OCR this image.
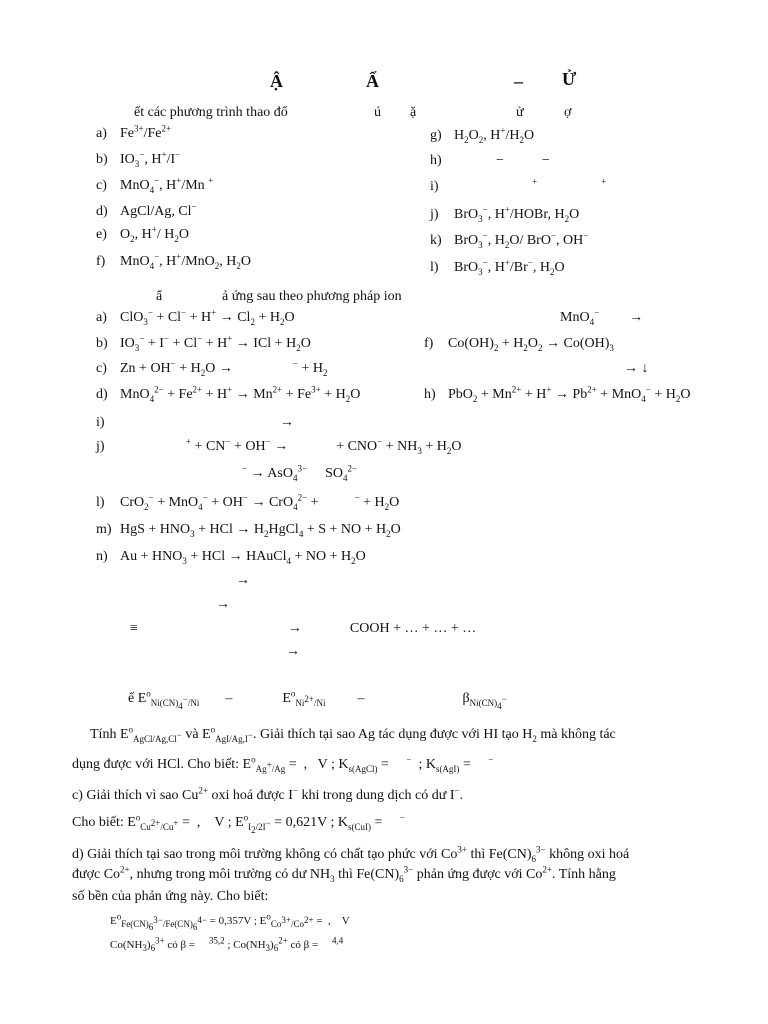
Ậ	Ẩ	– Ử
ết các phương trình thao đổ	ú ặ	ử	ợ
a) $Fe^{3+}/Fe^{2+}$
b) $IO_3^-$, H+/I−
c) MnO$_4$−, H+/Mn +
d) AgCl/Ag, Cl−
e) $O_2$, H+/ $H_2O$
f) MnO$_4$−, H+/MnO$_2$, $H_2O$
g) $H_2O_2$, $H^+/H_2O$
h)	−	−
i)	+	+
j) BrO$_3$−, H+/HOBr, $H_2O$
k) BrO$_3$−, $H_2O/$ BrO−, OH−
l) BrO$_3$−, H+/Br−, $H_2O$
ẩ	ả ứng sau theo phương pháp ion
a) $ClO_3^- + Cl^- + H^+ \to Cl_2 + H_2O$	MnO$_4$− →
b) $IO_3^- + I^- + Cl^- + H^+$ → ICl + $H_2O$	f) $Co(OH)_2 + H_2O_2 \to Co(OH)_3$
c) $Zn + OH^- + H_2O$ →	$^- + H_2$	→ ↓
d) $MnO_4^{2-} + Fe^{2+} + H^+ \to Mn^{2+} + Fe^{3+} + H_2O$	h) $PbO_2 + Mn^{2+} + H^+ \to Pb^{2+} + MnO_4^- + H_2O$
i)	→
j)	+ + CN− + OH− →	+ $CNO^- + NH_3 + H_2O$
− → AsO$_4^{3-}$ $SO_4^{2-}$
l) CrO$_2$− + MnO$_4$− + OH− → CrO$_4^{2-}$ +	$^- + H_2O$
m) HgS + $HNO_3$ + HCl → $H_2HgCl_4 + S$ + NO + $H_2O$
n) $Au + HNO_3$ + HCl → HAuCl$_4$ + NO + $H_2O$
→
→
≡	→	COOH + … + … + …
→
ế $E^o_{Ni(CN)_4^-/Ni}$ –	$E^o_{Ni^{2+}/Ni}$ –	$\beta_{Ni(CN)_4^-}$
Tính $E^o_{AgCl/Ag,Cl^-}$ và $E^o_{AgI/Ag,I^-}$. Giải thích tại sao Ag tác dụng được với HI tạo $H_2$ mà không tác
dụng được với HCl. Cho biết: $E^o_{Ag^+/Ag}$ =  ,   V ; $K_{s(AgCl)}$ =     −  ; $K_{s(AgI)}$ =     −
c) Giải thích vì sao $Cu^{2+}$ oxi hoá được I− khi trong dung dịch có dư I−.
Cho biết: $E^o_{Cu^{2+}/Cu^+}$ =  ,    V ; $E^o_{I_2/2I^-} = 0,621V$ ; $K_{s(CuI)}$ =     −
d) Giải thích tại sao trong môi trường không có chất tạo phức với $Co^{3+}$ thì $Fe(CN)_6^{3-}$ không oxi hoá
được $Co^{2+}$, nhưng trong môi trường có dư $NH_3$ thì $Fe(CN)_6^{3-}$ phản ứng được với $Co^{2+}$. Tính hằng
số bền của phản ứng này. Cho biết:
$E^o_{Fe(CN)_6^{3-}/Fe(CN)_6^{4-}} = 0,357V$ ; $E^o_{Co^{3+}/Co^{2+}}$ =  ,    V
$Co(NH_3)_6^{3+}$ có β =     $^{35,2}$ ; $Co(NH_3)_6^{2+}$ có β =     $^{4,4}$
